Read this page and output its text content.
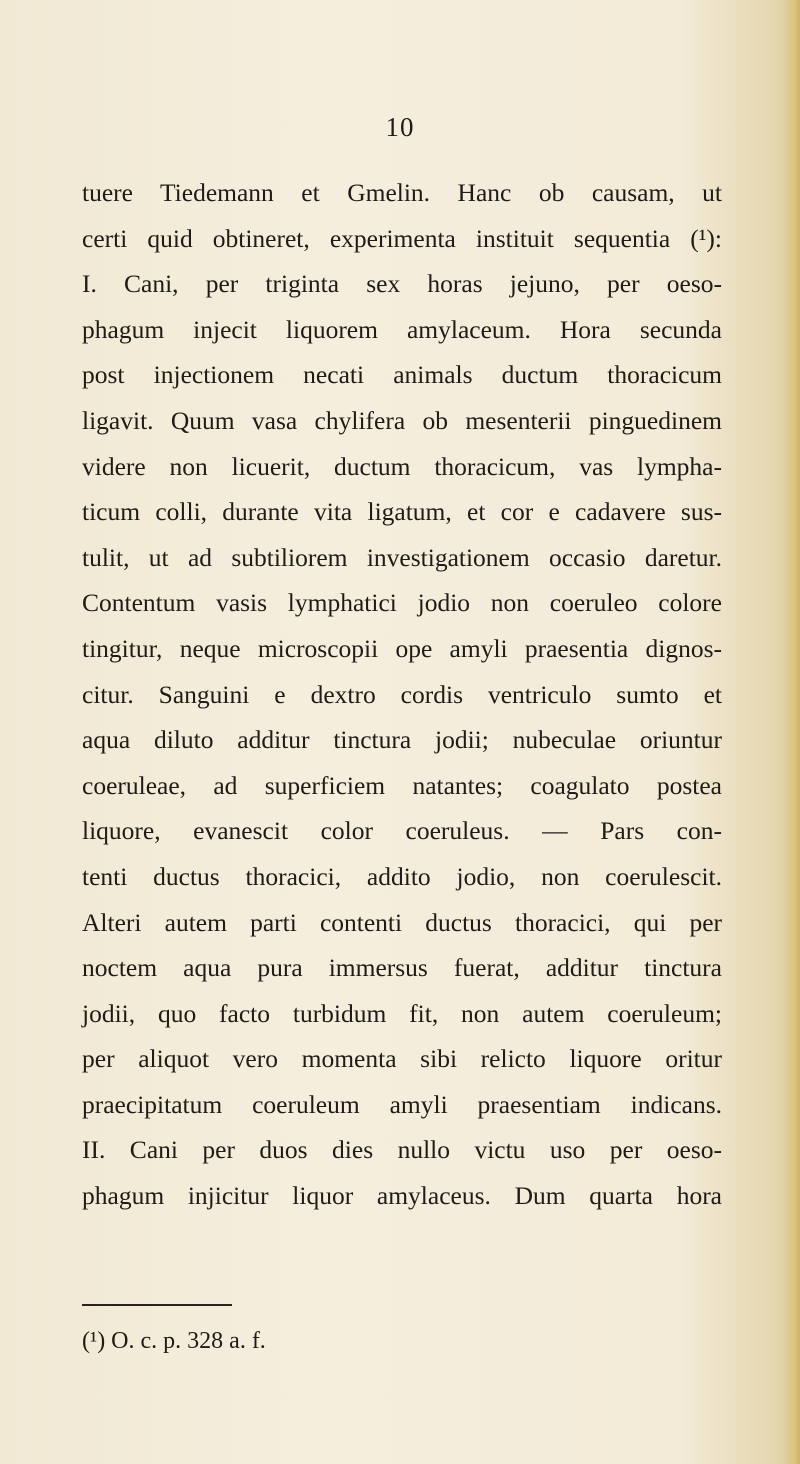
10
tuere Tiedemann et Gmelin. Hanc ob causam, ut
certi quid obtineret, experimenta instituit sequentia (¹):
I. Cani, per triginta sex horas jejuno, per oeso-
phagum injecit liquorem amylaceum. Hora secunda
post injectionem necati animals ductum thoracicum
ligavit. Quum vasa chylifera ob mesenterii pinguedinem
videre non licuerit, ductum thoracicum, vas lympha-
ticum colli, durante vita ligatum, et cor e cadavere sus-
tulit, ut ad subtiliorem investigationem occasio daretur.
Contentum vasis lymphatici jodio non coeruleo colore
tingitur, neque microscopii ope amyli praesentia dignos-
citur. Sanguini e dextro cordis ventriculo sumto et
aqua diluto additur tinctura jodii; nubeculae oriuntur
coeruleae, ad superficiem natantes; coagulato postea
liquore, evanescit color coeruleus. — Pars con-
tenti ductus thoracici, addito jodio, non coerulescit.
Alteri autem parti contenti ductus thoracici, qui per
noctem aqua pura immersus fuerat, additur tinctura
jodii, quo facto turbidum fit, non autem coeruleum;
per aliquot vero momenta sibi relicto liquore oritur
praecipitatum coeruleum amyli praesentiam indicans.
II. Cani per duos dies nullo victu uso per oeso-
phagum injicitur liquor amylaceus. Dum quarta hora
(¹) O. c. p. 328 a. f.
